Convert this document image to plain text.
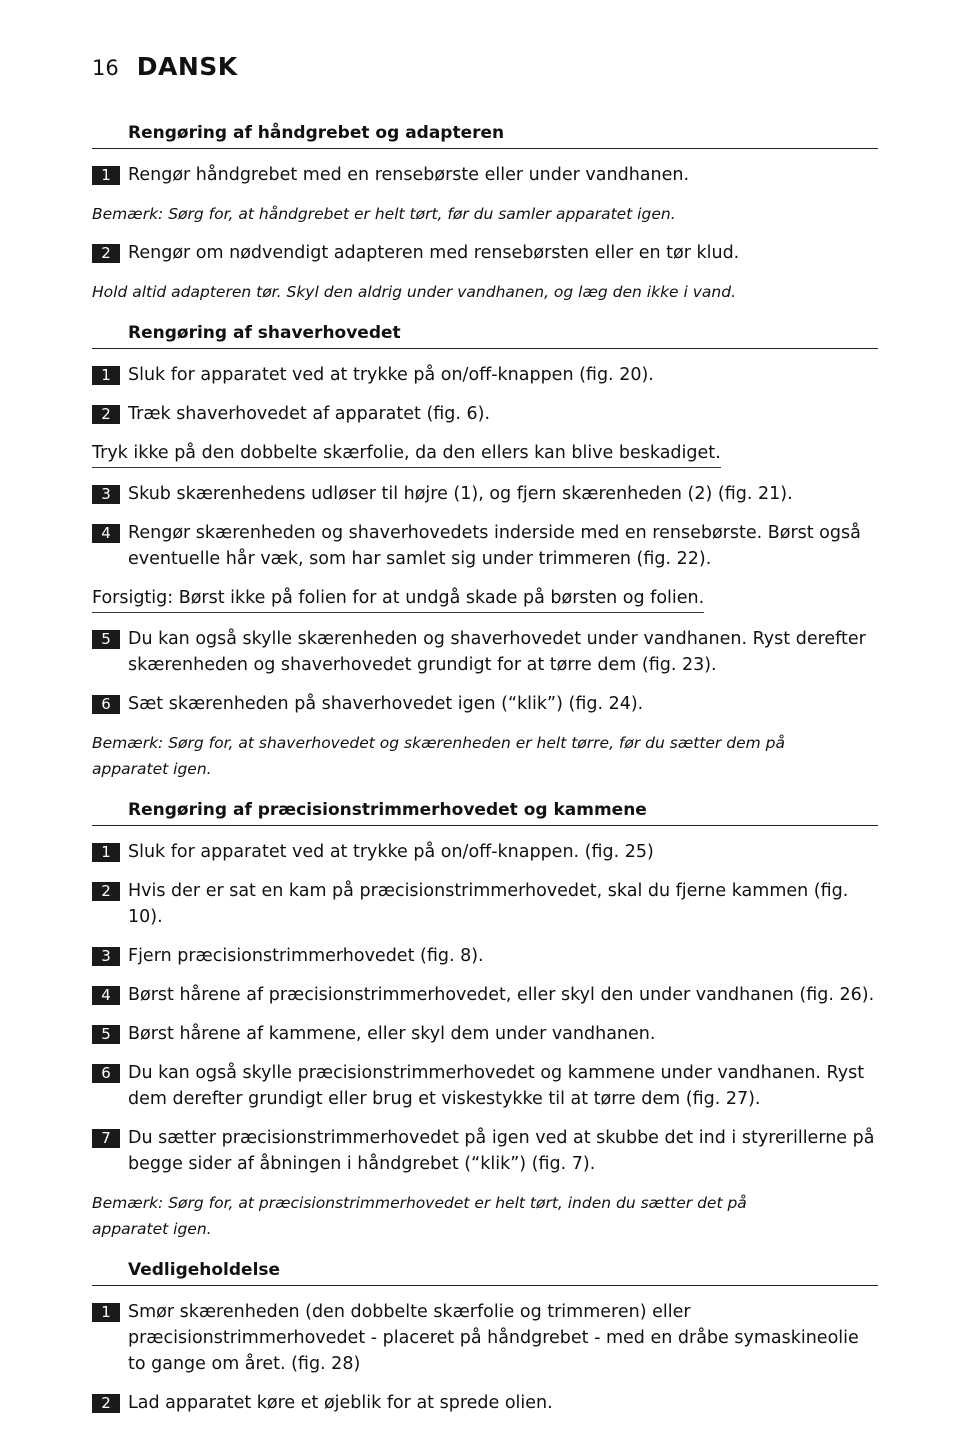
16 DANSK
Rengøring af håndgrebet og adapteren
1 Rengør håndgrebet med en rensebørste eller under vandhanen.
Bemærk: Sørg for, at håndgrebet er helt tørt, før du samler apparatet igen.
2 Rengør om nødvendigt adapteren med rensebørsten eller en tør klud.
Hold altid adapteren tør. Skyl den aldrig under vandhanen, og læg den ikke i vand.
Rengøring af shaverhovedet
1 Sluk for apparatet ved at trykke på on/off-knappen (fig. 20).
2 Træk shaverhovedet af apparatet (fig. 6).
Tryk ikke på den dobbelte skærfolie, da den ellers kan blive beskadiget.
3 Skub skærenhedens udløser til højre (1), og fjern skærenheden (2) (fig. 21).
4 Rengør skærenheden og shaverhovedets inderside med en rensebørste. Børst også eventuelle hår væk, som har samlet sig under trimmeren (fig. 22).
Forsigtig: Børst ikke på folien for at undgå skade på børsten og folien.
5 Du kan også skylle skærenheden og shaverhovedet under vandhanen. Ryst derefter skærenheden og shaverhovedet grundigt for at tørre dem (fig. 23).
6 Sæt skærenheden på shaverhovedet igen (“klik”) (fig. 24).
Bemærk: Sørg for, at shaverhovedet og skærenheden er helt tørre, før du sætter dem på apparatet igen.
Rengøring af præcisionstrimmerhovedet og kammene
1 Sluk for apparatet ved at trykke på on/off-knappen. (fig. 25)
2 Hvis der er sat en kam på præcisionstrimmerhovedet, skal du fjerne kammen (fig. 10).
3 Fjern præcisionstrimmerhovedet (fig. 8).
4 Børst hårene af præcisionstrimmerhovedet, eller skyl den under vandhanen (fig. 26).
5 Børst hårene af kammene, eller skyl dem under vandhanen.
6 Du kan også skylle præcisionstrimmerhovedet og kammene under vandhanen. Ryst dem derefter grundigt eller brug et viskestykke til at tørre dem (fig. 27).
7 Du sætter præcisionstrimmerhovedet på igen ved at skubbe det ind i styrerillerne på begge sider af åbningen i håndgrebet (“klik”) (fig. 7).
Bemærk: Sørg for, at præcisionstrimmerhovedet er helt tørt, inden du sætter det på apparatet igen.
Vedligeholdelse
1 Smør skærenheden (den dobbelte skærfolie og trimmeren) eller præcisionstrimmerhovedet - placeret på håndgrebet - med en dråbe symaskineolie to gange om året. (fig. 28)
2 Lad apparatet køre et øjeblik for at sprede olien.
